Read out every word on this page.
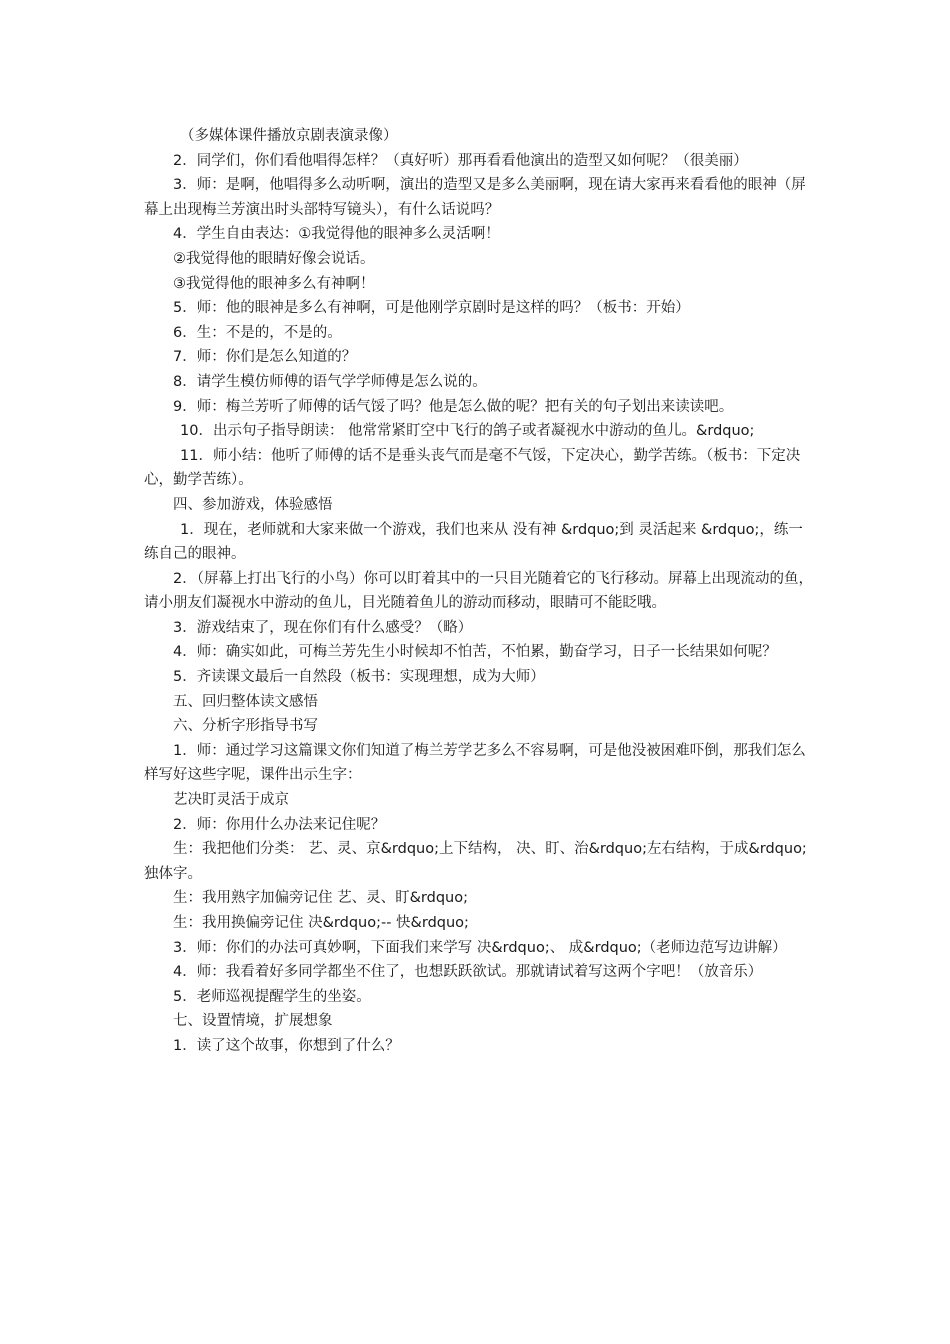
（多媒体课件播放京剧表演录像）

2．同学们，你们看他唱得怎样？（真好听）那再看看他演出的造型又如何呢？（很美丽）

3．师：是啊，他唱得多么动听啊，演出的造型又是多么美丽啊，现在请大家再来看看他的眼神（屏幕上出现梅兰芳演出时头部特写镜头），有什么话说吗？

4．学生自由表达：①我觉得他的眼神多么灵活啊！

②我觉得他的眼睛好像会说话。

③我觉得他的眼神多么有神啊！

5．师：他的眼神是多么有神啊，可是他刚学京剧时是这样的吗？（板书：开始）

6．生：不是的，不是的。

7．师：你们是怎么知道的？

8．请学生模仿师傅的语气学学师傅是怎么说的。

9．师：梅兰芳听了师傅的话气馁了吗？他是怎么做的呢？把有关的句子划出来读读吧。

10．出示句子指导朗读： 他常常紧盯空中飞行的鸽子或者凝视水中游动的鱼儿。&rdquo;

11．师小结：他听了师傅的话不是垂头丧气而是毫不气馁，下定决心，勤学苦练。（板书：下定决心，勤学苦练）。

四、参加游戏，体验感悟

1．现在，老师就和大家来做一个游戏，我们也来从 没有神 &rdquo;到 灵活起来 &rdquo;，练一练自己的眼神。

2．（屏幕上打出飞行的小鸟）你可以盯着其中的一只目光随着它的飞行移动。屏幕上出现流动的鱼，请小朋友们凝视水中游动的鱼儿，目光随着鱼儿的游动而移动，眼睛可不能眨哦。

3．游戏结束了，现在你们有什么感受？（略）

4．师：确实如此，可梅兰芳先生小时候却不怕苦，不怕累，勤奋学习，日子一长结果如何呢？

5．齐读课文最后一自然段（板书：实现理想，成为大师）

五、回归整体读文感悟

六、分析字形指导书写

1．师：通过学习这篇课文你们知道了梅兰芳学艺多么不容易啊，可是他没被困难吓倒，那我们怎么样写好这些字呢，课件出示生字：

艺决盯灵活于成京

2．师：你用什么办法来记住呢？

生：我把他们分类： 艺、灵、京&rdquo;上下结构， 决、盯、治&rdquo;左右结构，于成&rdquo;独体字。

生：我用熟字加偏旁记住 艺、灵、盯&rdquo;

生：我用换偏旁记住 决&rdquo;-- 快&rdquo;

3．师：你们的办法可真妙啊，下面我们来学写 决&rdquo;、 成&rdquo;（老师边范写边讲解）

4．师：我看着好多同学都坐不住了，也想跃跃欲试。那就请试着写这两个字吧！（放音乐）

5．老师巡视提醒学生的坐姿。

七、设置情境，扩展想象

1．读了这个故事，你想到了什么？
